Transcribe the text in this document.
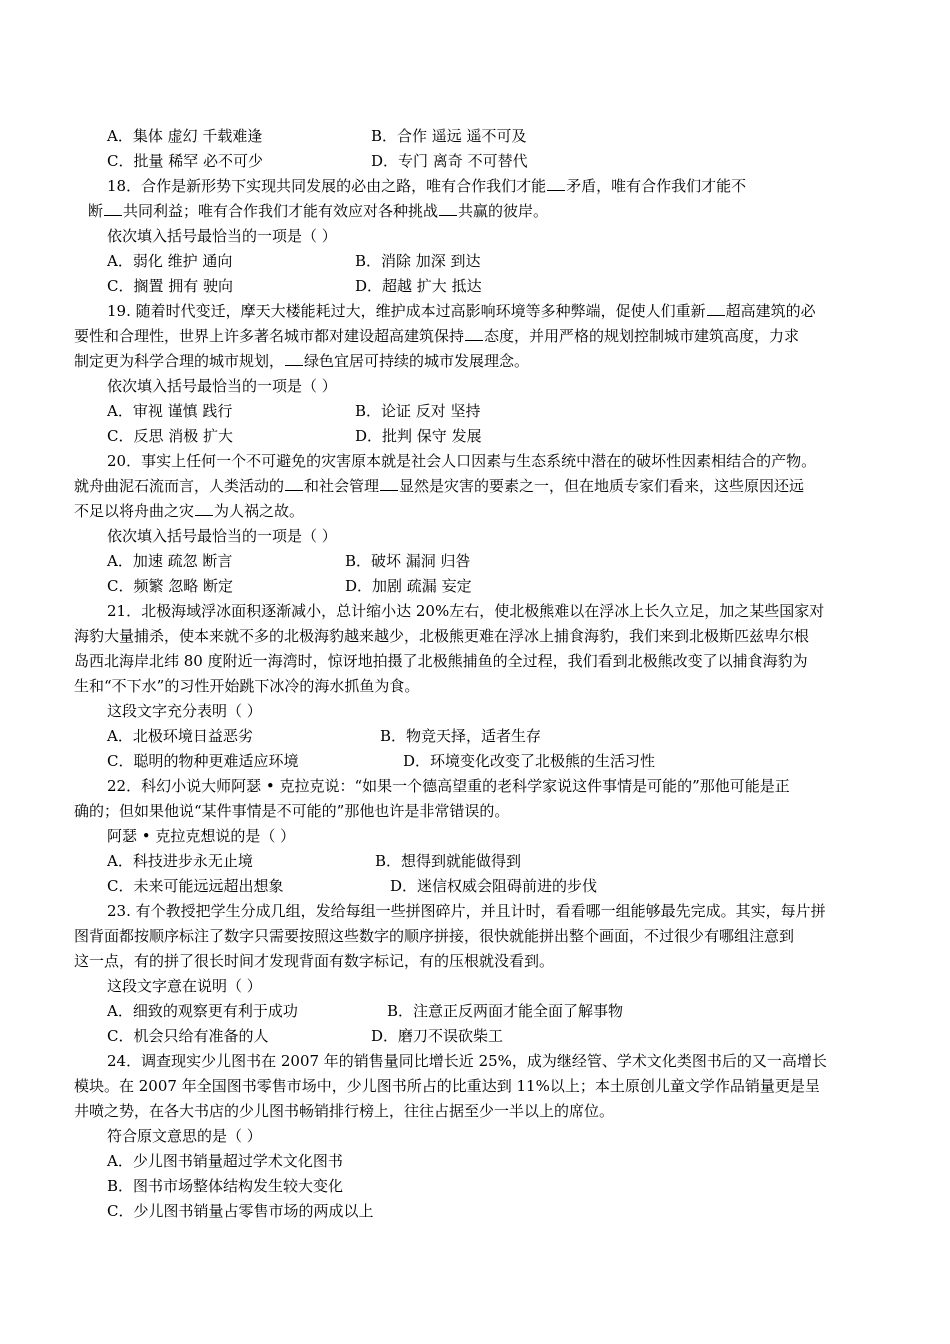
A．集体 虚幻 千载难逢	B．合作 遥远 遥不可及
C．批量 稀罕 必不可少	D．专门 离奇 不可替代
18．合作是新形势下实现共同发展的必由之路，唯有合作我们才能 矛盾，唯有合作我们才能不
断 共同利益；唯有合作我们才能有效应对各种挑战 共赢的彼岸。
依次填入括号最恰当的一项是（ ）
A．弱化 维护 通向	B．消除 加深 到达
C．搁置 拥有 驶向	D．超越 扩大 抵达
19. 随着时代变迁，摩天大楼能耗过大，维护成本过高影响环境等多种弊端，促使人们重新 超高建筑的必
要性和合理性，世界上许多著名城市都对建设超高建筑保持 态度，并用严格的规划控制城市建筑高度，力求
制定更为科学合理的城市规划， 绿色宜居可持续的城市发展理念。
依次填入括号最恰当的一项是（ ）
A．审视 谨慎 践行	B．论证 反对 坚持
C．反思 消极 扩大	D．批判 保守 发展
20．事实上任何一个不可避免的灾害原本就是社会人口因素与生态系统中潜在的破坏性因素相结合的产物。
就舟曲泥石流而言，人类活动的 和社会管理 显然是灾害的要素之一，但在地质专家们看来，这些原因还远
不足以将舟曲之灾 为人祸之故。
依次填入括号最恰当的一项是（ ）
A．加速 疏忽 断言	B．破坏 漏洞 归咎
C．频繁 忽略 断定	D．加剧 疏漏 妄定
21．北极海域浮冰面积逐渐减小，总计缩小达 20%左右，使北极熊难以在浮冰上长久立足，加之某些国家对
海豹大量捕杀，使本来就不多的北极海豹越来越少，北极熊更难在浮冰上捕食海豹，我们来到北极斯匹兹卑尔根
岛西北海岸北纬 80 度附近一海湾时，惊讶地拍摄了北极熊捕鱼的全过程，我们看到北极熊改变了以捕食海豹为
生和“不下水”的习性开始跳下冰冷的海水抓鱼为食。
这段文字充分表明（ ）
A．北极环境日益恶劣	B．物竞天择，适者生存
C．聪明的物种更难适应环境	D．环境变化改变了北极熊的生活习性
22．科幻小说大师阿瑟 • 克拉克说：“如果一个德高望重的老科学家说这件事情是可能的”那他可能是正
确的；但如果他说“某件事情是不可能的”那他也许是非常错误的。
阿瑟 • 克拉克想说的是（ ）
A．科技进步永无止境	B．想得到就能做得到
C．未来可能远远超出想象	D．迷信权威会阻碍前进的步伐
23. 有个教授把学生分成几组，发给每组一些拼图碎片，并且计时，看看哪一组能够最先完成。其实，每片拼
图背面都按顺序标注了数字只需要按照这些数字的顺序拼接，很快就能拼出整个画面，不过很少有哪组注意到
这一点，有的拼了很长时间才发现背面有数字标记，有的压根就没看到。
这段文字意在说明（ ）
A．细致的观察更有利于成功	B．注意正反两面才能全面了解事物
C．机会只给有准备的人	D．磨刀不误砍柴工
24．调查现实少儿图书在 2007 年的销售量同比增长近 25%，成为继经管、学术文化类图书后的又一高增长
模块。在 2007 年全国图书零售市场中，少儿图书所占的比重达到 11%以上；本土原创儿童文学作品销量更是呈
井喷之势，在各大书店的少儿图书畅销排行榜上，往往占据至少一半以上的席位。
符合原文意思的是（ ）
A．少儿图书销量超过学术文化图书
B．图书市场整体结构发生较大变化
C．少儿图书销量占零售市场的两成以上
